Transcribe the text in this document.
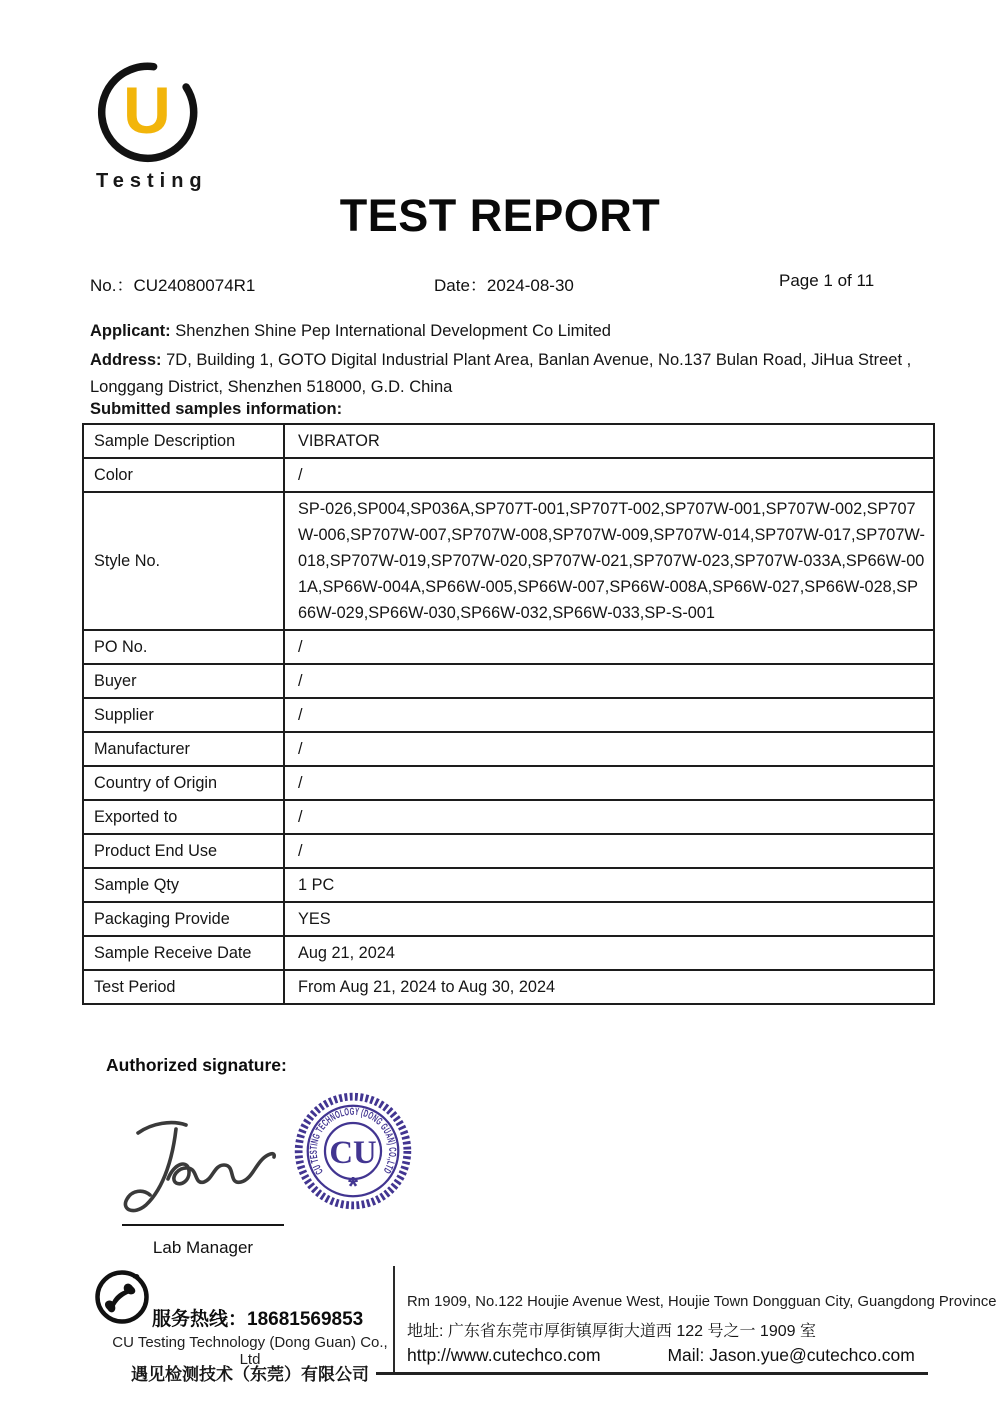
U
Testing
TEST REPORT
No.：CU24080074R1	Date：2024-08-30	Page 1 of 11
Applicant: Shenzhen Shine Pep International Development Co Limited
Address: 7D, Building 1, GOTO Digital Industrial Plant Area, Banlan Avenue, No.137 Bulan Road, JiHua Street , Longgang District, Shenzhen 518000, G.D. China
Submitted samples information:
Sample Description	VIBRATOR
Color	/
Style No.	SP-026,SP004,SP036A,SP707T-001,SP707T-002,SP707W-001,SP707W-002,SP707W-006,SP707W-007,SP707W-008,SP707W-009,SP707W-014,SP707W-017,SP707W-018,SP707W-019,SP707W-020,SP707W-021,SP707W-023,SP707W-033A,SP66W-001A,SP66W-004A,SP66W-005,SP66W-007,SP66W-008A,SP66W-027,SP66W-028,SP66W-029,SP66W-030,SP66W-032,SP66W-033,SP-S-001
PO No.	/
Buyer	/
Supplier	/
Manufacturer	/
Country of Origin	/
Exported to	/
Product End Use	/
Sample Qty	1 PC
Packaging Provide	YES
Sample Receive Date	Aug 21, 2024
Test Period	From Aug 21, 2024 to Aug 30, 2024
Authorized signature:
Lab Manager
CU TESTING TECHNOLOGY (DONG GUAN) CO.,LTD
CU
*
服务热线：18681569853
CU Testing Technology (Dong Guan) Co., Ltd
遇见检测技术（东莞）有限公司
Rm 1909, No.122 Houjie Avenue West, Houjie Town Dongguan City, Guangdong Province
地址: 广东省东莞市厚街镇厚街大道西 122 号之一 1909 室
http://www.cutechco.com	Mail: Jason.yue@cutechco.com
